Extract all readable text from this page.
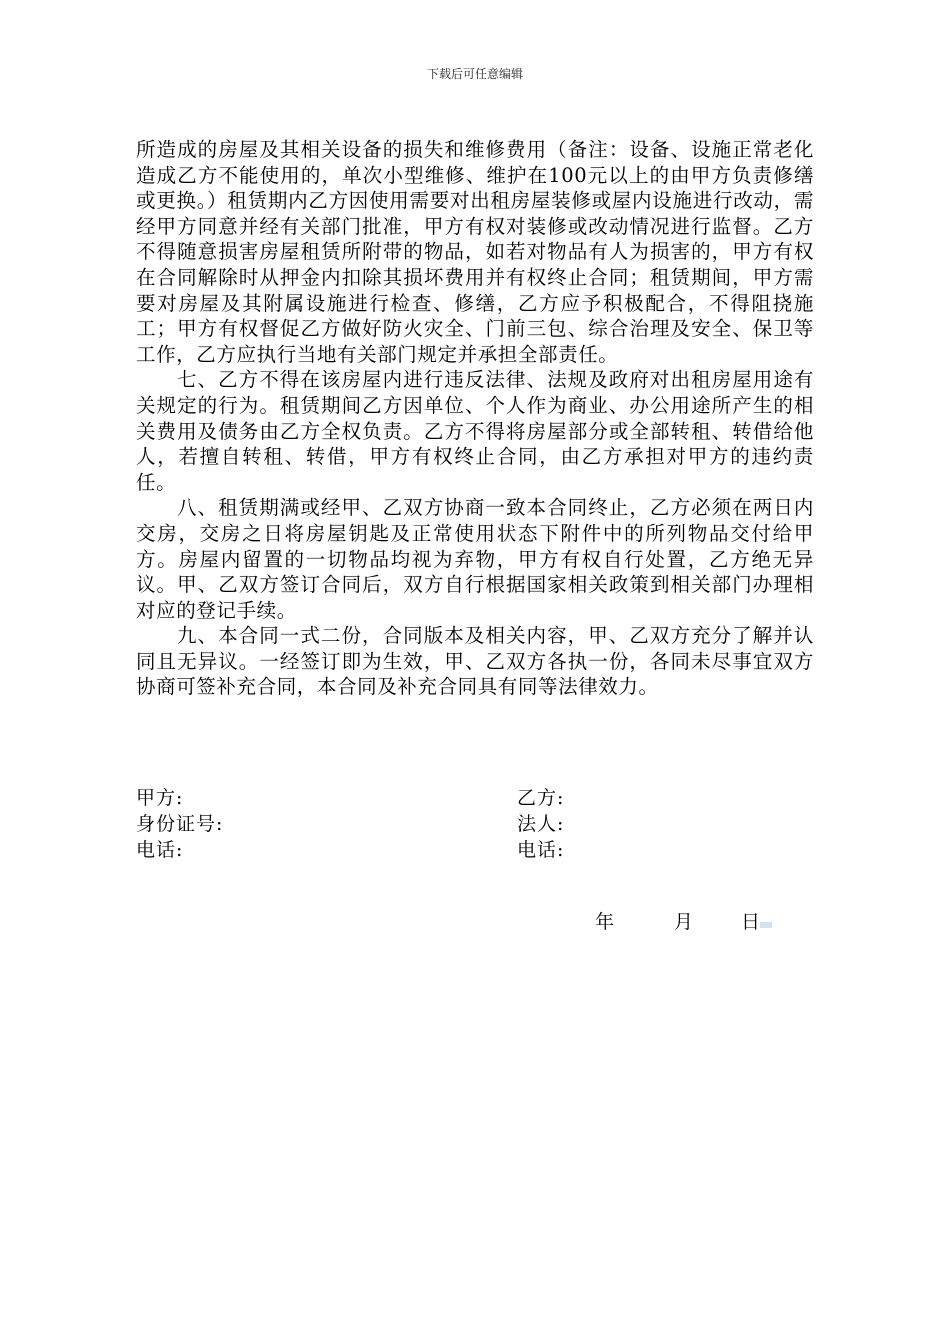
下载后可任意编辑

所造成的房屋及其相关设备的损失和维修费用（备注：设备、设施正常老化造成乙方不能使用的，单次小型维修、维护在100元以上的由甲方负责修缮或更换。）租赁期内乙方因使用需要对出租房屋装修或屋内设施进行改动，需经甲方同意并经有关部门批准，甲方有权对装修或改动情况进行监督。乙方不得随意损害房屋租赁所附带的物品，如若对物品有人为损害的，甲方有权在合同解除时从押金内扣除其损坏费用并有权终止合同；租赁期间，甲方需要对房屋及其附属设施进行检查、修缮，乙方应予积极配合，不得阻挠施工；甲方有权督促乙方做好防火灾全、门前三包、综合治理及安全、保卫等工作，乙方应执行当地有关部门规定并承担全部责任。

七、乙方不得在该房屋内进行违反法律、法规及政府对出租房屋用途有关规定的行为。租赁期间乙方因单位、个人作为商业、办公用途所产生的相关费用及债务由乙方全权负责。乙方不得将房屋部分或全部转租、转借给他人，若擅自转租、转借，甲方有权终止合同，由乙方承担对甲方的违约责任。

八、租赁期满或经甲、乙双方协商一致本合同终止，乙方必须在两日内交房，交房之日将房屋钥匙及正常使用状态下附件中的所列物品交付给甲方。房屋内留置的一切物品均视为弃物，甲方有权自行处置，乙方绝无异议。甲、乙双方签订合同后，双方自行根据国家相关政策到相关部门办理相对应的登记手续。

九、本合同一式二份，合同版本及相关内容，甲、乙双方充分了解并认同且无异议。一经签订即为生效，甲、乙双方各执一份，各同未尽事宜双方协商可签补充合同，本合同及补充合同具有同等法律效力。

甲方:
身份证号:
电话:
乙方:
法人:
电话:
年	月	日
